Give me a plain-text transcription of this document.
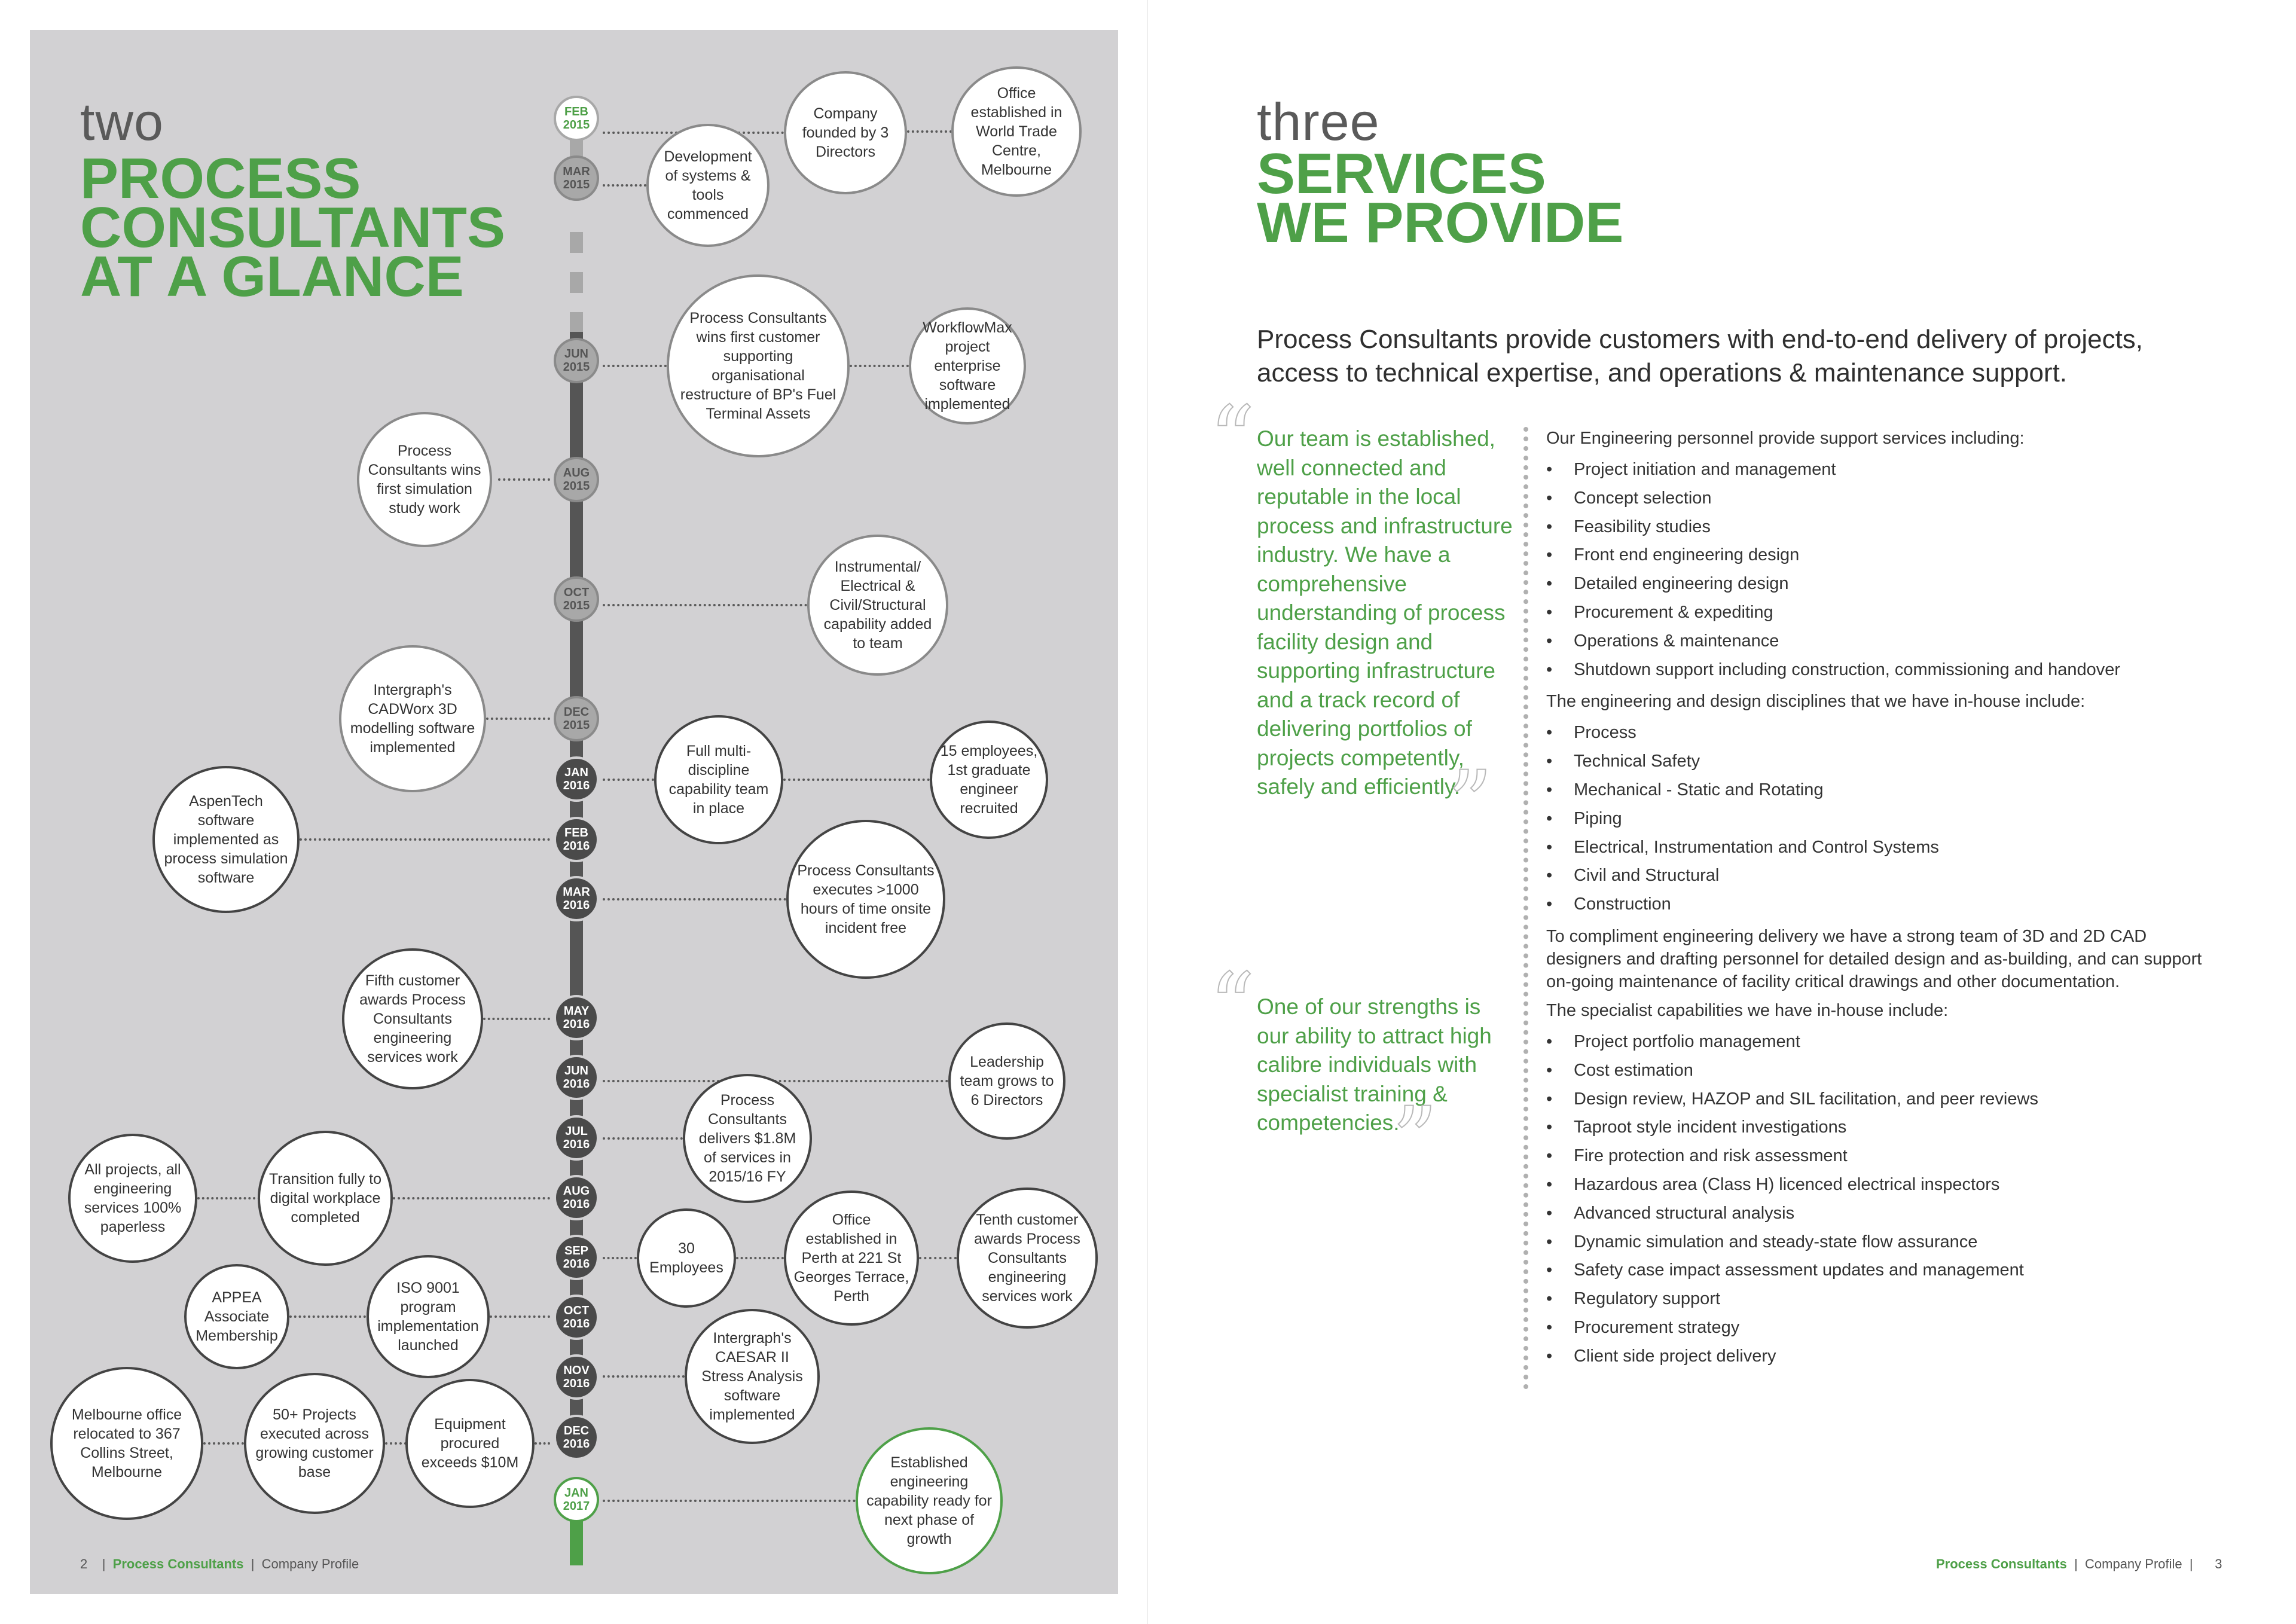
two
PROCESS
CONSULTANTS
AT A GLANCE
Company founded by 3 Directors
Office established in World Trade Centre, Melbourne
Development of systems & tools commenced
Process Consultants wins first customer supporting organisational restructure of BP's Fuel Terminal Assets
WorkflowMax project enterprise software implemented
Process Consultants wins first simulation study work
Instrumental/ Electrical & Civil/Structural capability added to team
Intergraph's CADWorx 3D modelling software implemented	Full multi-discipline capability team in place
15 employees, 1st graduate engineer recruited
AspenTech software implemented as process simulation software	Process Consultants executes >1000 hours of time onsite incident free
Fifth customer awards Process Consultants engineering services work	Leadership team grows to 6 Directors
Process Consultants delivers $1.8M of services in 2015/16 FY
All projects, all engineering services 100% paperless
Transition fully to digital workplace completed
30 Employees
Office established in Perth at 221 St Georges Terrace, Perth
Tenth customer awards Process Consultants engineering services work
APPEA Associate Membership
ISO 9001 program implementation launched	Intergraph's CAESAR II Stress Analysis software implemented
Melbourne office relocated to 367 Collins Street, Melbourne
50+ Projects executed across growing customer base
Equipment procured exceeds $10M	Established engineering capability ready for next phase of growth
FEB
2015
MAR
2015
JUN
2015
AUG
2015
OCT
2015
DEC
2015
JAN
2016
FEB
2016
MAR
2016
MAY
2016
JUN
2016
JUL
2016
AUG
2016
SEP
2016
OCT
2016
NOV
2016
DEC
2016
JAN
2017
2    |  Process Consultants  |  Company Profile
three
SERVICES
WE PROVIDE
Process Consultants provide customers with end-to-end delivery of projects, access to technical expertise, and operations & maintenance support.
“ Our team is established, well connected and reputable in the local process and infrastructure industry. We have a comprehensive understanding of process facility design and supporting infrastructure and a track record of delivering portfolios of projects competently, safely and efficiently.
”
“ One of our strengths is our ability to attract high calibre individuals with specialist training & competencies.
”
Our Engineering personnel provide support services including:
• Project initiation and management
• Concept selection
• Feasibility studies
• Front end engineering design
• Detailed engineering design
• Procurement & expediting
• Operations & maintenance
• Shutdown support including construction, commissioning and handover
The engineering and design disciplines that we have in-house include:
• Process
• Technical Safety
• Mechanical - Static and Rotating
• Piping
• Electrical, Instrumentation and Control Systems
• Civil and Structural
• Construction
To compliment engineering delivery we have a strong team of 3D and 2D CAD designers and drafting personnel for detailed design and as-building, and can support on-going maintenance of facility critical drawings and other documentation.
The specialist capabilities we have in-house include:
• Project portfolio management
• Cost estimation
• Design review, HAZOP and SIL facilitation, and peer reviews
• Taproot style incident investigations
• Fire protection and risk assessment
• Hazardous area (Class H) licenced electrical inspectors
• Advanced structural analysis
• Dynamic simulation and steady-state flow assurance
• Safety case impact assessment updates and management
• Regulatory support
• Procurement strategy
• Client side project delivery
Process Consultants  |  Company Profile  |      3
